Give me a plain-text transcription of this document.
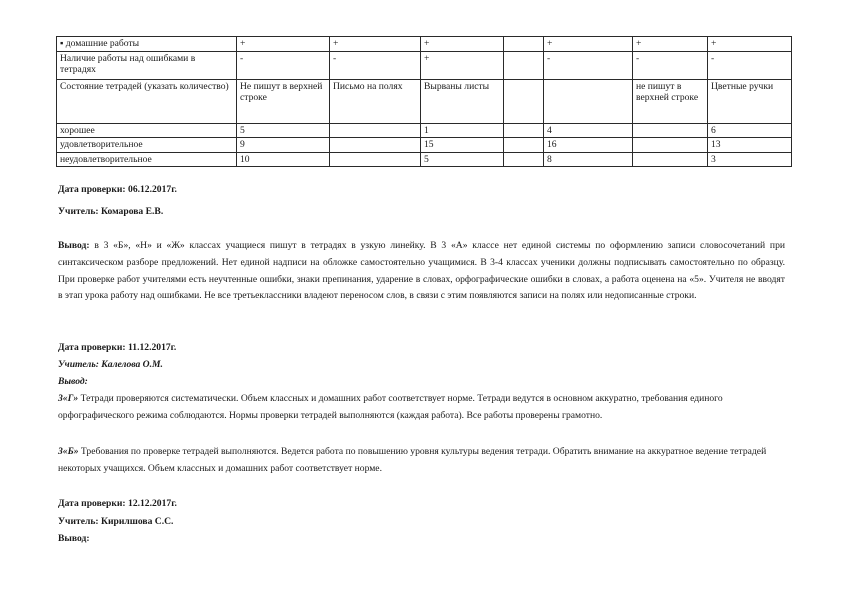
▪ домашние работы	+	+	+		+	+	+
Наличие работы над ошибками в тетрадях	-	-	+		-	-	-
Состояние тетрадей (указать количество)	Не пишут в верхней строке	Письмо на полях	Вырваны листы			не пишут в верхней строке	Цветные ручки
хорошее	5		1		4		6
удовлетворительное	9		15		16		13
неудовлетворительное	10		5		8		3
Дата проверки: 06.12.2017г.
Учитель: Комарова Е.В.
Вывод: в 3 «Б», «Н» и «Ж» классах учащиеся пишут в тетрадях в узкую линейку. В 3 «А» классе нет единой системы по оформлению записи словосочетаний при синтаксическом разборе предложений. Нет единой надписи на обложке самостоятельно учащимися. В 3-4 классах ученики должны подписывать самостоятельно по образцу. При проверке работ учителями есть неучтенные ошибки, знаки препинания, ударение в словах, орфографические ошибки в словах, а работа оценена на «5». Учителя не вводят в этап урока работу над ошибками. Не все третьеклассники владеют переносом слов, в связи с этим появляются записи на полях или недописанные строки.
Дата проверки: 11.12.2017г.
Учитель: Калелова О.М.
Вывод:
3«Г» Тетради проверяются систематически. Объем классных и домашних работ соответствует норме. Тетради ведутся в основном аккуратно, требования единого орфографического режима соблюдаются. Нормы проверки тетрадей выполняются (каждая работа). Все работы проверены грамотно.
3«Б» Требования по проверке тетрадей выполняются. Ведется работа по повышению уровня культуры ведения тетради. Обратить внимание на аккуратное ведение тетрадей некоторых учащихся. Объем классных и домашних работ соответствует норме.
Дата проверки: 12.12.2017г.
Учитель: Кирилшова С.С.
Вывод:
